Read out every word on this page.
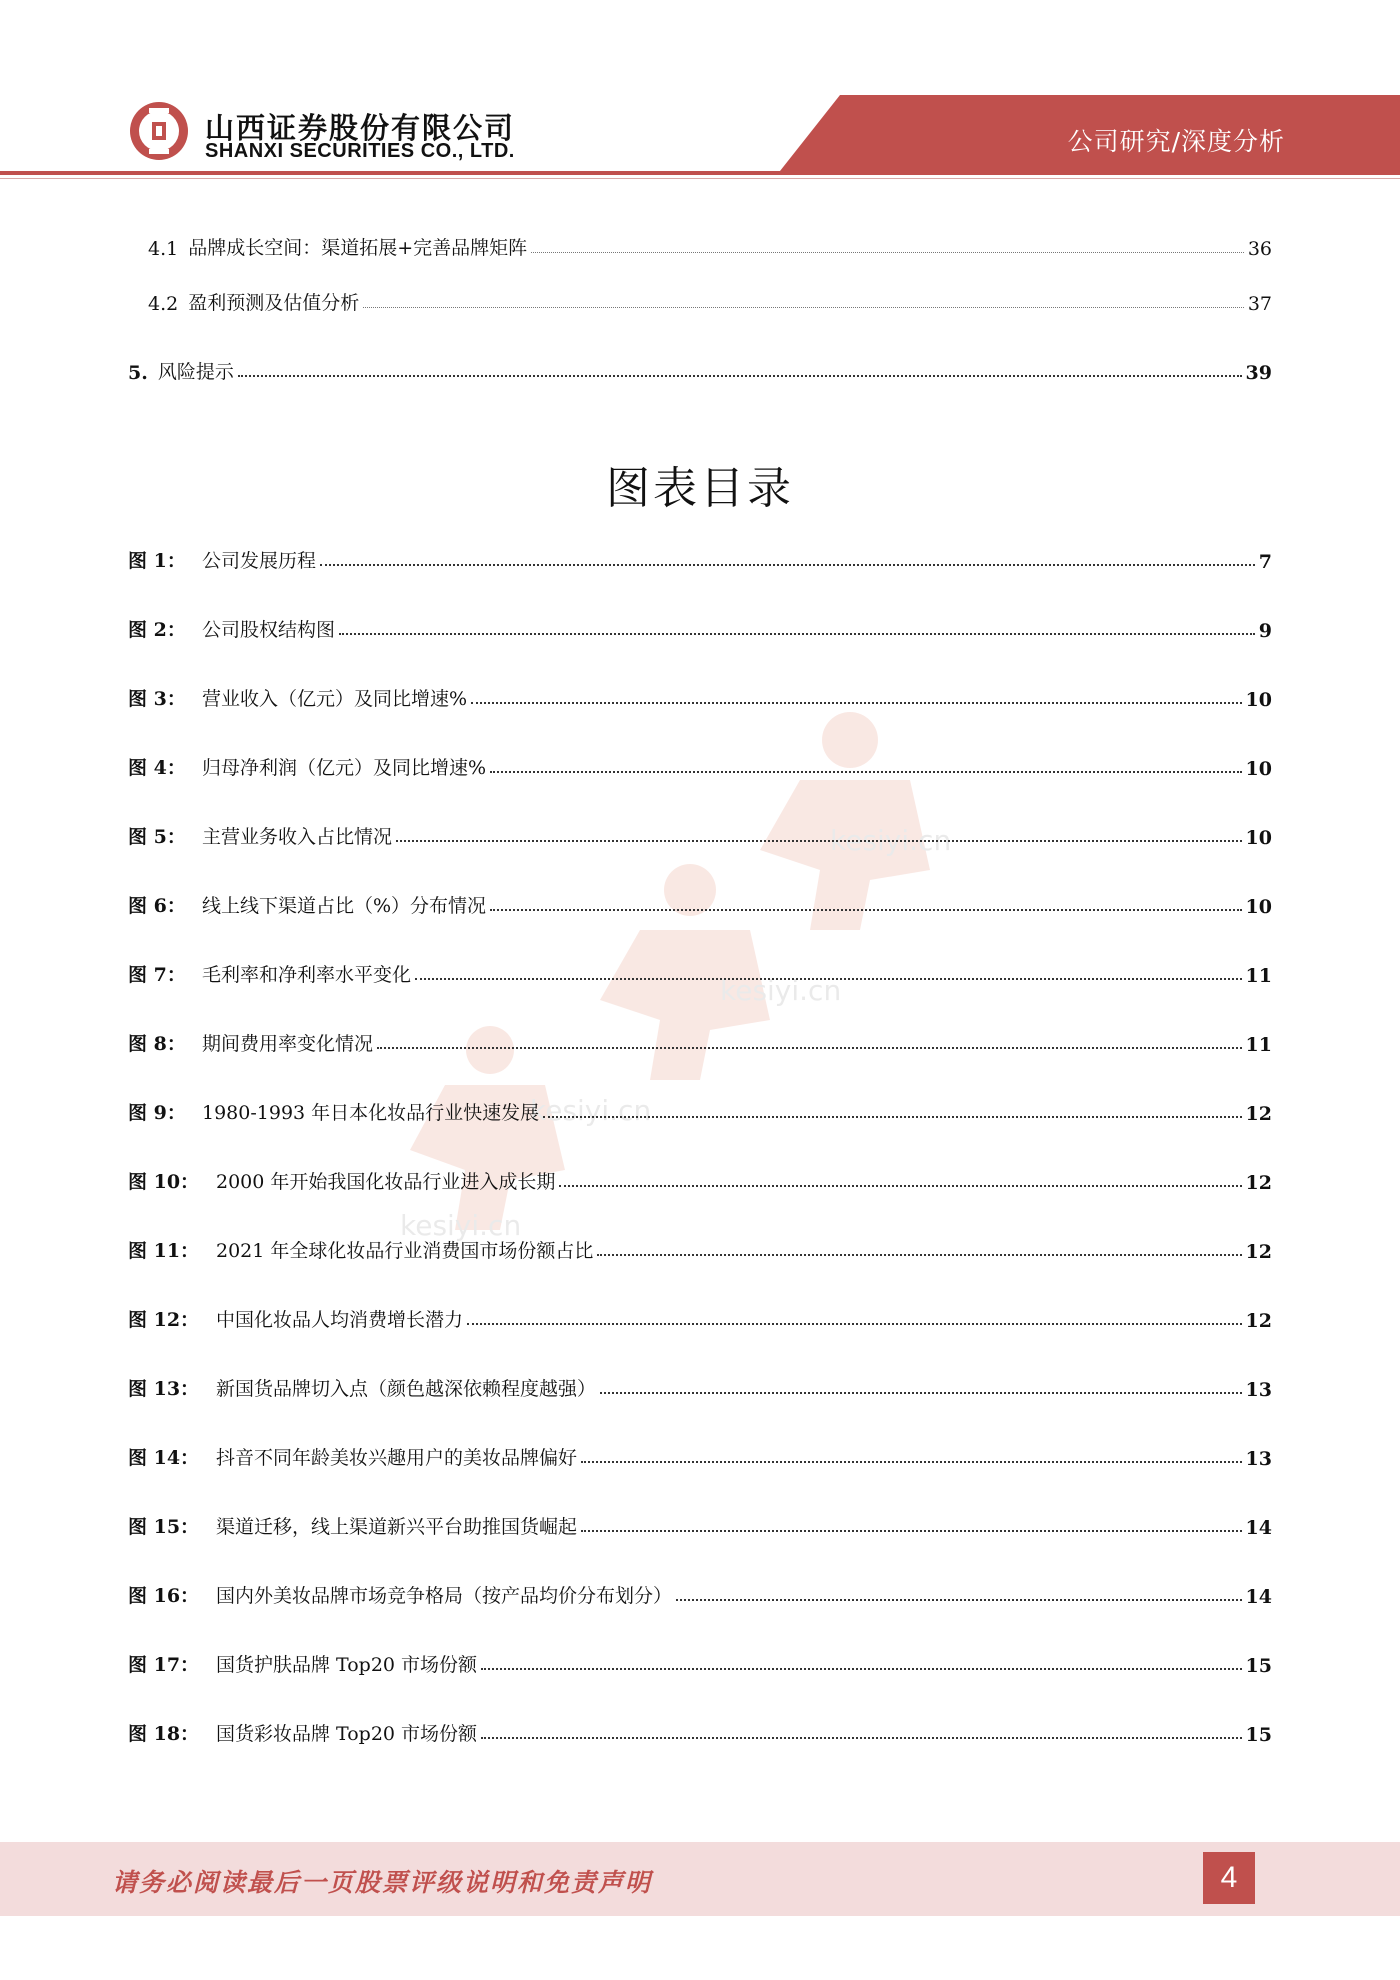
山西证券股份有限公司
SHANXI SECURITIES CO., LTD.	公司研究/深度分析
kesiyi.cn
kesiyi.cn
kesiyi.cn
kesiyi.cn
4.1 品牌成长空间：渠道拓展+完善品牌矩阵	36
4.2 盈利预测及估值分析	37
5. 风险提示	39
图表目录
图 1： 公司发展历程	7
图 2： 公司股权结构图	9
图 3： 营业收入（亿元）及同比增速%	10
图 4： 归母净利润（亿元）及同比增速%	10
图 5： 主营业务收入占比情况	10
图 6： 线上线下渠道占比（%）分布情况	10
图 7： 毛利率和净利率水平变化	11
图 8： 期间费用率变化情况	11
图 9： 1980-1993 年日本化妆品行业快速发展	12
图 10： 2000 年开始我国化妆品行业进入成长期	12
图 11： 2021 年全球化妆品行业消费国市场份额占比	12
图 12： 中国化妆品人均消费增长潜力	12
图 13： 新国货品牌切入点（颜色越深依赖程度越强）	13
图 14： 抖音不同年龄美妆兴趣用户的美妆品牌偏好	13
图 15： 渠道迁移，线上渠道新兴平台助推国货崛起	14
图 16： 国内外美妆品牌市场竞争格局（按产品均价分布划分）	14
图 17： 国货护肤品牌 Top20 市场份额	15
图 18： 国货彩妆品牌 Top20 市场份额	15
请务必阅读最后一页股票评级说明和免责声明	4
